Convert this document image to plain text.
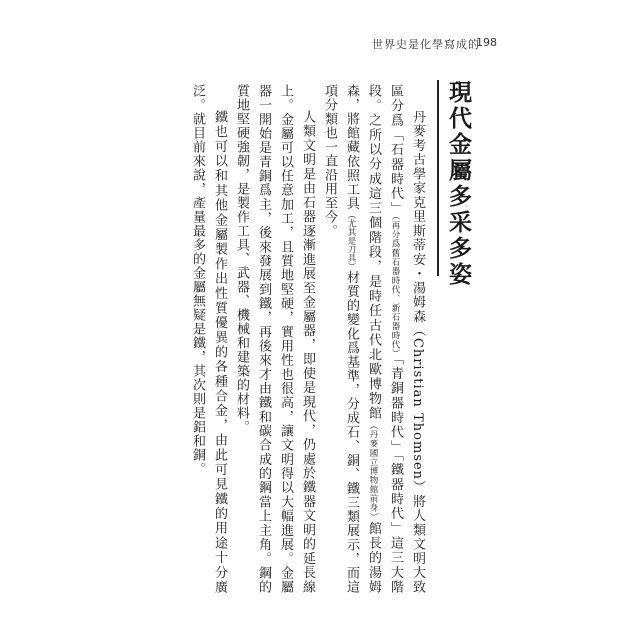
世界史是化學寫成的
198
現代金屬多采多姿

丹麥考古學家克里斯蒂安・湯姆森（Christian Thomsen）將人類文明大致區分爲「石器時代」（再分爲舊石器時代、新石器時代）「青銅器時代」「鐵器時代」這三大階段。之所以分成這三個階段，是時任古代北歐博物館（丹麥國立博物館前身）館長的湯姆森，將館藏依照工具（尤其是刀具）材質的變化爲基準，分成石、銅、鐵三類展示，而這項分類也一直沿用至今。

人類文明是由石器逐漸進展至金屬器，即使是現代，仍處於鐵器文明的延長線上。金屬可以任意加工，且質地堅硬，實用性也很高，讓文明得以大幅進展。金屬器一開始是青銅爲主，後來發展到鐵，再後來才由鐵和碳合成的鋼當上主角。鋼的質地堅硬強韌，是製作工具、武器、機械和建築的材料。

鐵也可以和其他金屬製作出性質優異的各種合金，由此可見鐵的用途十分廣泛。就目前來說，產量最多的金屬無疑是鐵，其次則是鋁和銅。
